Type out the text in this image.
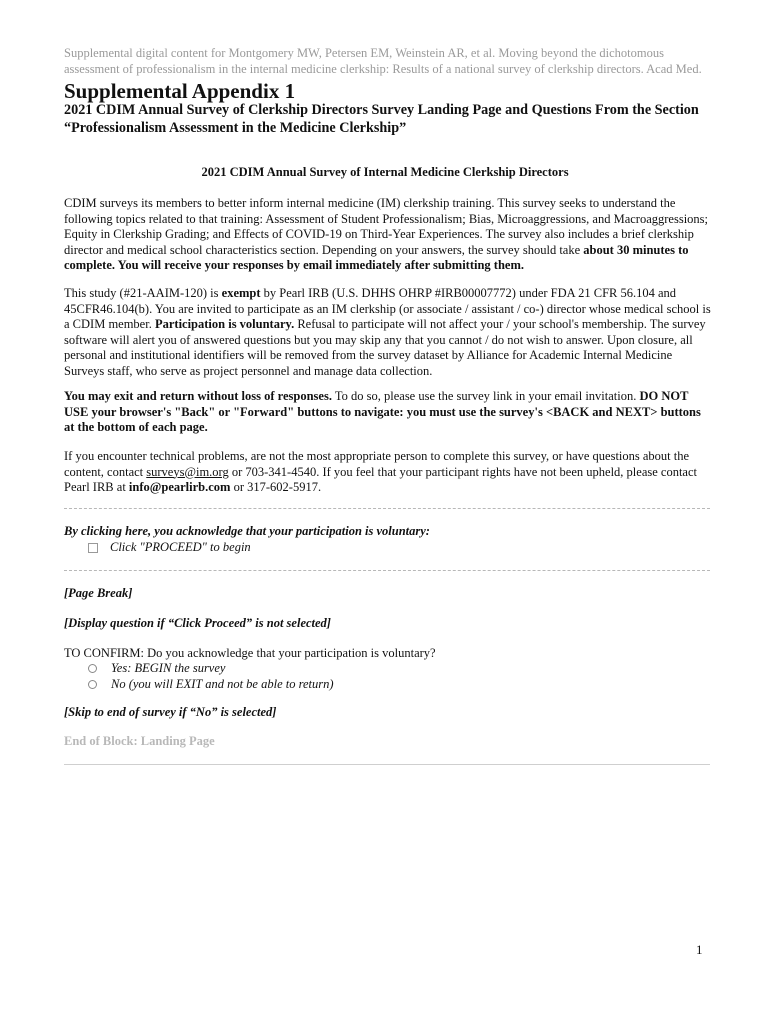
Supplemental digital content for Montgomery MW, Petersen EM, Weinstein AR, et al. Moving beyond the dichotomous assessment of professionalism in the internal medicine clerkship: Results of a national survey of clerkship directors. Acad Med.
Supplemental Appendix 1
2021 CDIM Annual Survey of Clerkship Directors Survey Landing Page and Questions From the Section “Professionalism Assessment in the Medicine Clerkship”
2021 CDIM Annual Survey of Internal Medicine Clerkship Directors

CDIM surveys its members to better inform internal medicine (IM) clerkship training. This survey seeks to understand the following topics related to that training: Assessment of Student Professionalism; Bias, Microaggressions, and Macroaggressions; Equity in Clerkship Grading; and Effects of COVID-19 on Third-Year Experiences. The survey also includes a brief clerkship director and medical school characteristics section. Depending on your answers, the survey should take about 30 minutes to complete. You will receive your responses by email immediately after submitting them.

This study (#21-AAIM-120) is exempt by Pearl IRB (U.S. DHHS OHRP #IRB00007772) under FDA 21 CFR 56.104 and 45CFR46.104(b). You are invited to participate as an IM clerkship (or associate / assistant / co-) director whose medical school is a CDIM member. Participation is voluntary. Refusal to participate will not affect your / your school's membership. The survey software will alert you of answered questions but you may skip any that you cannot / do not wish to answer. Upon closure, all personal and institutional identifiers will be removed from the survey dataset by Alliance for Academic Internal Medicine Surveys staff, who serve as project personnel and manage data collection.

You may exit and return without loss of responses. To do so, please use the survey link in your email invitation. DO NOT USE your browser's "Back" or "Forward" buttons to navigate: you must use the survey's <BACK and NEXT> buttons at the bottom of each page.

If you encounter technical problems, are not the most appropriate person to complete this survey, or have questions about the content, contact surveys@im.org or 703-341-4540. If you feel that your participant rights have not been upheld, please contact Pearl IRB at info@pearlirb.com or 317-602-5917.

By clicking here, you acknowledge that your participation is voluntary:
Click "PROCEED" to begin
[Page Break]
[Display question if “Click Proceed” is not selected]
TO CONFIRM: Do you acknowledge that your participation is voluntary?
Yes: BEGIN the survey
No (you will EXIT and not be able to return)
[Skip to end of survey if “No” is selected]
End of Block: Landing Page
1
